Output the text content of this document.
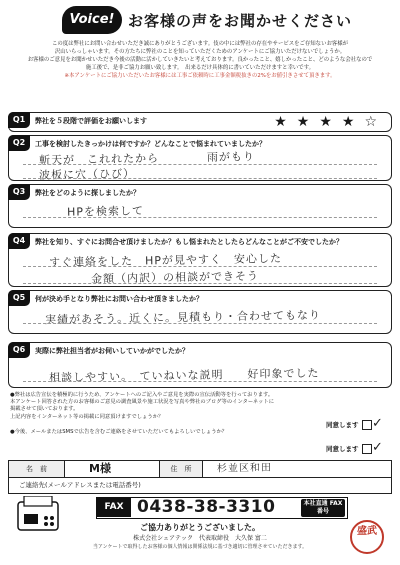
Voice! お客様の声をお聞かせください
この度は弊社にお問い合わせいただき誠にありがとうございます。伎の中には弊社の存在やサービスをご存知ないお客様が
沢山いらっしゃいます。その方たちに弊社のことを知っていただくためのアンケートにご協力いただけないでしょうか。
お客様のご意見をお聞かせいただき今後の活動に活かしていきたいと考えております。良かったこと、嬉しかったこと、どのような会社なので
施工後で、是非ご協力お願い致します。　出来るだけ具体的に書いていただけますと幸いです。
※本アンケートにご協力いただいたお客様には工事ご依頼時に工事金額税抜きの2%をお値引きさせて頂きます。
Q1	弊社を５段階で評価をお願いします	★ ★ ★ ★ ☆
Q2	工事を検討したきっかけは何ですか？どんなことで悩まれていましたか？
斬天が　これれたから　　　　雨がもり
波板に穴（ひび）
Q3	弊社をどのように探しましたか？
HPを検索して
Q4	弊社を知り、すぐにお問合せ頂けましたか？もし悩まれたとしたらどんなことがご不安でしたか？
すぐ連絡をした　HPが見やすく　安心した
金額（内訳）の相談ができそう
Q5	何が決め手となり弊社にお問い合わせ頂きましたか？
実績があそう。近くに。見積もり・合わせてもなり
Q6	実際に弊社担当者がお伺いしていかがでしたか？
相談しやすい。　ていねいな説明　　好印象でした
●弊社は広告宣伝を積極的に行うため、アンケートへのご記入やご意見を実際の宣伝活動等を行っております。
本アンケート回答された方のお客様のご意見の調査風景や施工状況を写真や弊社のブログ等のインターネットに
掲載させて頂いております。
上記内容をインターネット等の掲載に同意頂けますでしょうか？
●今後、メールまたはSMSで広告を含むご連絡をさせていただいてもよろしいでしょうか？
同意します ✓
同意します ✓
名　前	M様	住　所	杉並区和田
ご連絡先(メールアドレスまたは電話番号)
FAX 0438-38-3310	本社直通 FAX番号
ご協力ありがとうございました。
株式会社シェアテック　代表取締役　大久保 富二
当アンケートで取得したお客様の個人情報は関係法規に基づき適切に管理させていただきます。
盛武
